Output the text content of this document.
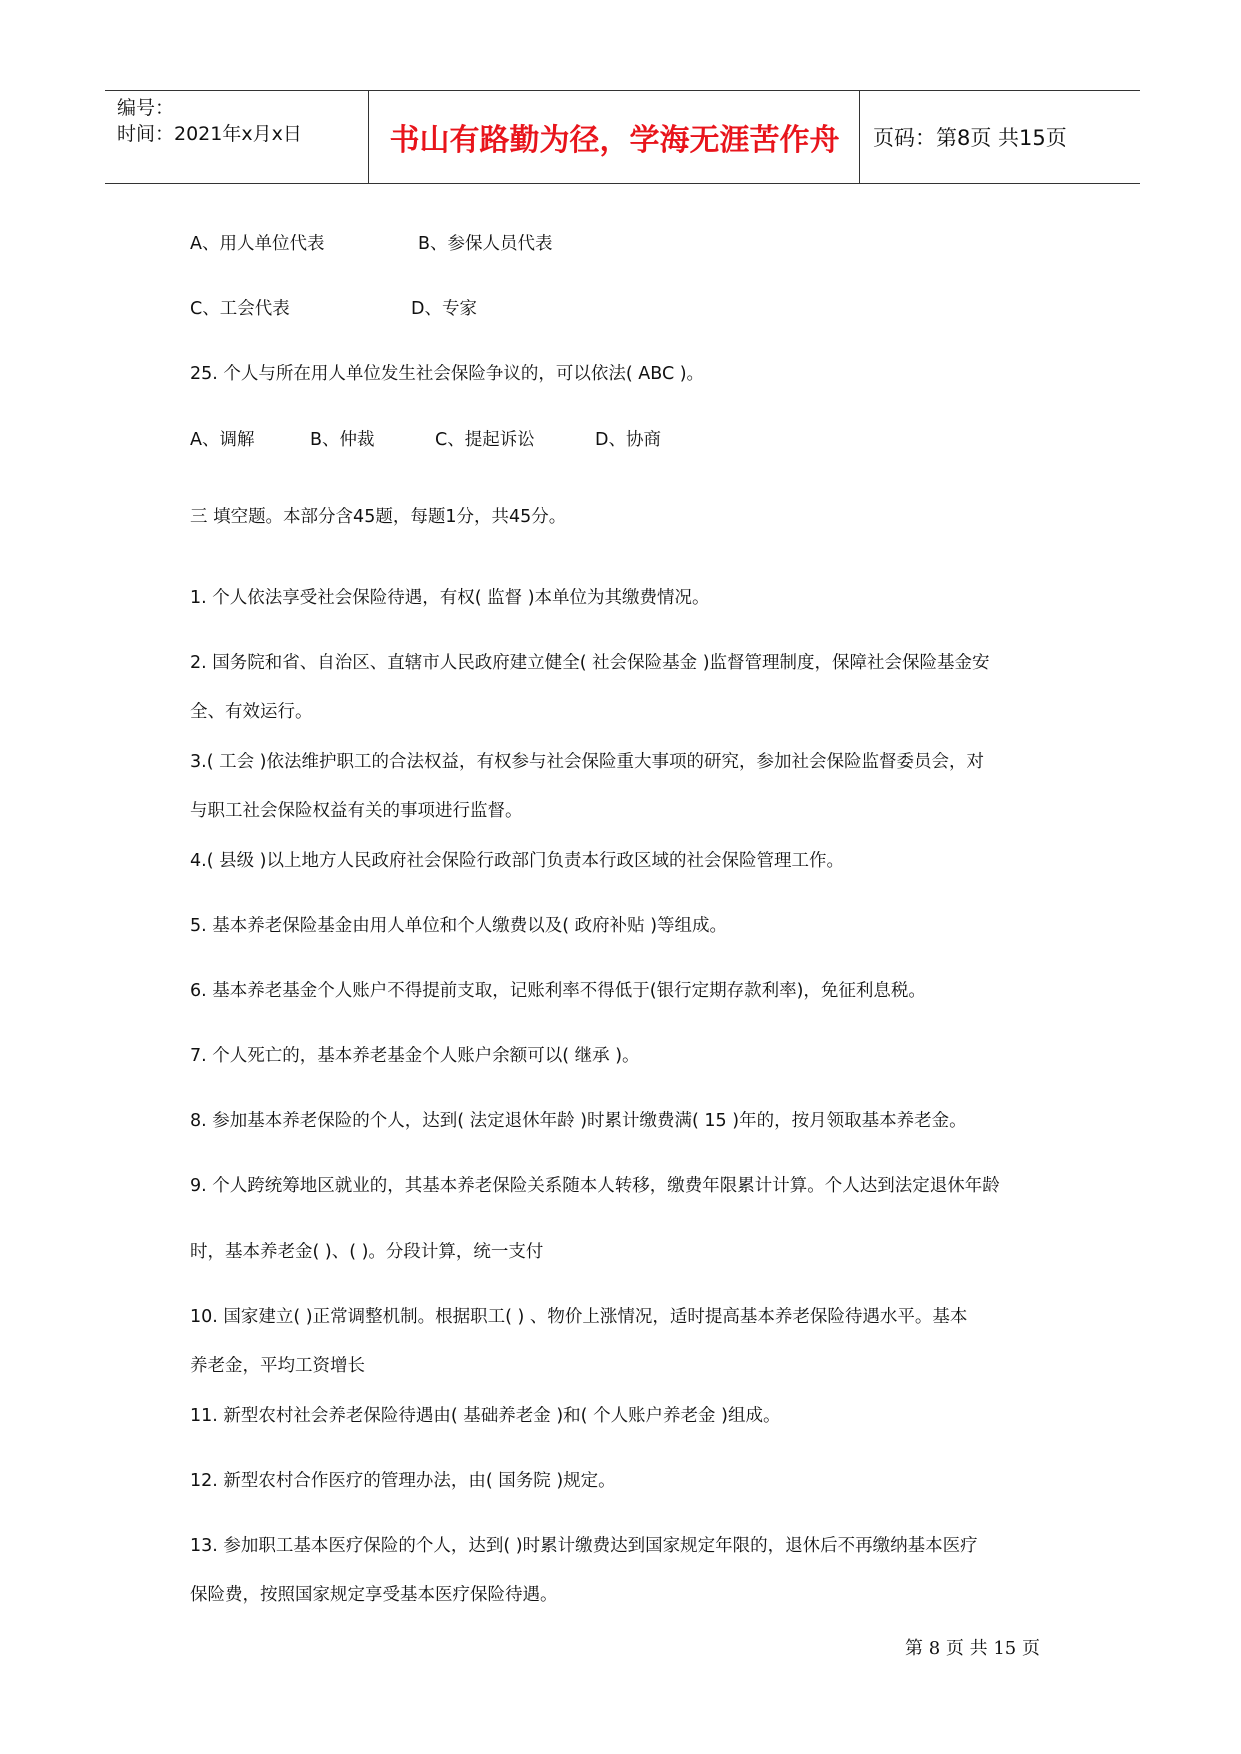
编号：
时间：2021年x月x日	书山有路勤为径，学海无涯苦作舟	页码：第8页 共15页
A、用人单位代表	B、参保人员代表
C、工会代表	D、专家
25. 个人与所在用人单位发生社会保险争议的，可以依法( ABC )。
A、调解	B、仲裁	C、提起诉讼	D、协商
三 填空题。本部分含45题，每题1分，共45分。
1. 个人依法享受社会保险待遇，有权( 监督 )本单位为其缴费情况。
2. 国务院和省、自治区、直辖市人民政府建立健全( 社会保险基金 )监督管理制度，保障社会保险基金安
全、有效运行。
3.( 工会 )依法维护职工的合法权益，有权参与社会保险重大事项的研究，参加社会保险监督委员会，对
与职工社会保险权益有关的事项进行监督。
4.( 县级 )以上地方人民政府社会保险行政部门负责本行政区域的社会保险管理工作。
5. 基本养老保险基金由用人单位和个人缴费以及( 政府补贴 )等组成。
6. 基本养老基金个人账户不得提前支取，记账利率不得低于(银行定期存款利率)，免征利息税。
7. 个人死亡的，基本养老基金个人账户余额可以( 继承 )。
8. 参加基本养老保险的个人，达到( 法定退休年龄 )时累计缴费满( 15 )年的，按月领取基本养老金。
9. 个人跨统筹地区就业的，其基本养老保险关系随本人转移，缴费年限累计计算。个人达到法定退休年龄
时，基本养老金( )、( )。分段计算，统一支付
10. 国家建立( )正常调整机制。根据职工( ) 、物价上涨情况，适时提高基本养老保险待遇水平。基本
养老金，平均工资增长
11. 新型农村社会养老保险待遇由( 基础养老金 )和( 个人账户养老金 )组成。
12. 新型农村合作医疗的管理办法，由( 国务院 )规定。
13. 参加职工基本医疗保险的个人，达到( )时累计缴费达到国家规定年限的，退休后不再缴纳基本医疗
保险费，按照国家规定享受基本医疗保险待遇。
第 8 页 共 15 页
